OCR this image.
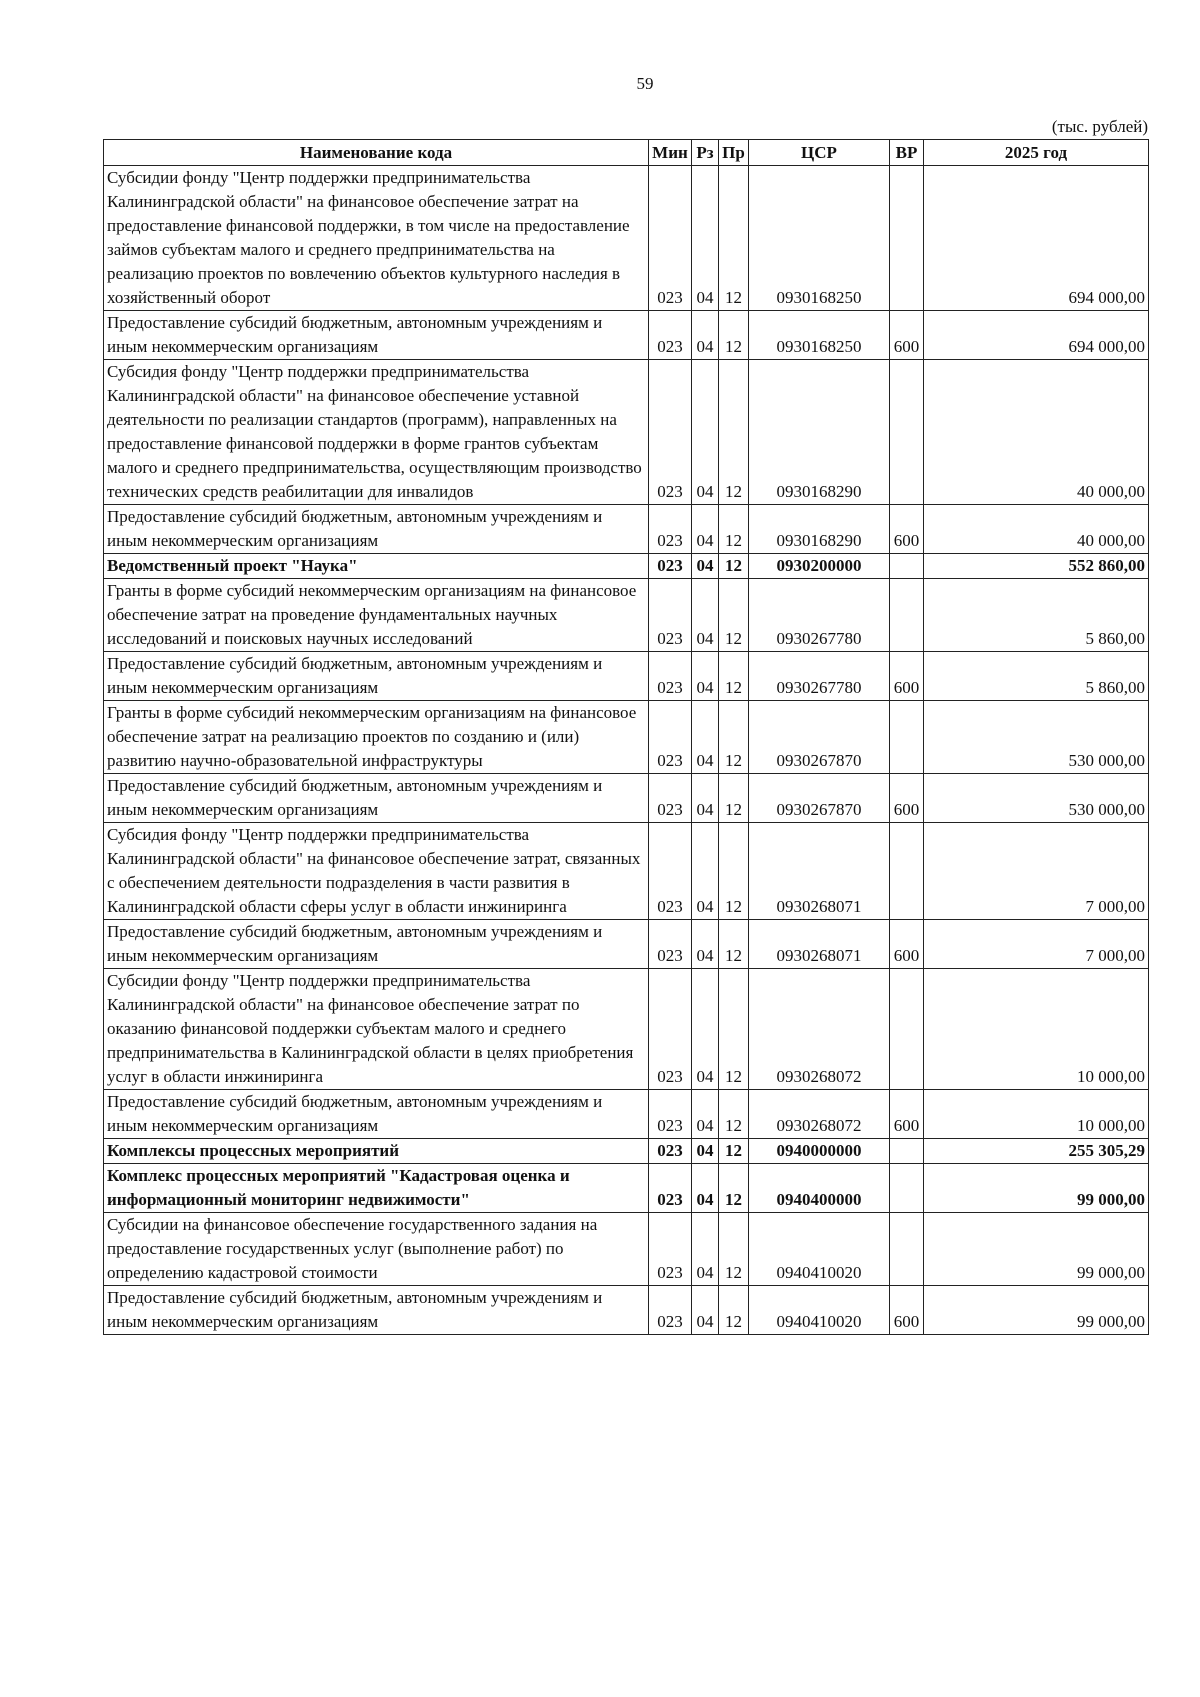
59
(тыс. рублей)
Наименование кода	Мин	Рз	Пр	ЦСР	ВР	2025 год
Субсидии фонду "Центр поддержки предпринимательства Калининградской области" на финансовое обеспечение затрат на предоставление финансовой поддержки, в том числе на предоставление займов субъектам малого и среднего предпринимательства на реализацию проектов по вовлечению объектов культурного наследия в хозяйственный оборот	023	04	12	0930168250		694 000,00
Предоставление субсидий бюджетным, автономным учреждениям и иным некоммерческим организациям	023	04	12	0930168250	600	694 000,00
Субсидия фонду "Центр поддержки предпринимательства Калининградской области" на финансовое обеспечение уставной деятельности по реализации стандартов (программ), направленных на предоставление финансовой поддержки в форме грантов субъектам малого и среднего предпринимательства, осуществляющим производство технических средств реабилитации для инвалидов	023	04	12	0930168290		40 000,00
Предоставление субсидий бюджетным, автономным учреждениям и иным некоммерческим организациям	023	04	12	0930168290	600	40 000,00
Ведомственный проект "Наука"	023	04	12	0930200000		552 860,00
Гранты в форме субсидий некоммерческим организациям на финансовое обеспечение затрат на проведение фундаментальных научных исследований и поисковых научных исследований	023	04	12	0930267780		5 860,00
Предоставление субсидий бюджетным, автономным учреждениям и иным некоммерческим организациям	023	04	12	0930267780	600	5 860,00
Гранты в форме субсидий некоммерческим организациям на финансовое обеспечение затрат на реализацию проектов по созданию и (или) развитию научно-образовательной инфраструктуры	023	04	12	0930267870		530 000,00
Предоставление субсидий бюджетным, автономным учреждениям и иным некоммерческим организациям	023	04	12	0930267870	600	530 000,00
Субсидия фонду "Центр поддержки предпринимательства Калининградской области" на финансовое обеспечение затрат, связанных с обеспечением деятельности подразделения в части развития в Калининградской области сферы услуг в области инжиниринга	023	04	12	0930268071		7 000,00
Предоставление субсидий бюджетным, автономным учреждениям и иным некоммерческим организациям	023	04	12	0930268071	600	7 000,00
Субсидии фонду "Центр поддержки предпринимательства Калининградской области" на финансовое обеспечение затрат по оказанию финансовой поддержки субъектам малого и среднего предпринимательства в Калининградской области в целях приобретения услуг в области инжиниринга	023	04	12	0930268072		10 000,00
Предоставление субсидий бюджетным, автономным учреждениям и иным некоммерческим организациям	023	04	12	0930268072	600	10 000,00
Комплексы процессных мероприятий	023	04	12	0940000000		255 305,29
Комплекс процессных мероприятий "Кадастровая оценка и информационный мониторинг недвижимости"	023	04	12	0940400000		99 000,00
Субсидии на финансовое обеспечение государственного задания на предоставление государственных услуг (выполнение работ) по определению кадастровой стоимости	023	04	12	0940410020		99 000,00
Предоставление субсидий бюджетным, автономным учреждениям и иным некоммерческим организациям	023	04	12	0940410020	600	99 000,00
